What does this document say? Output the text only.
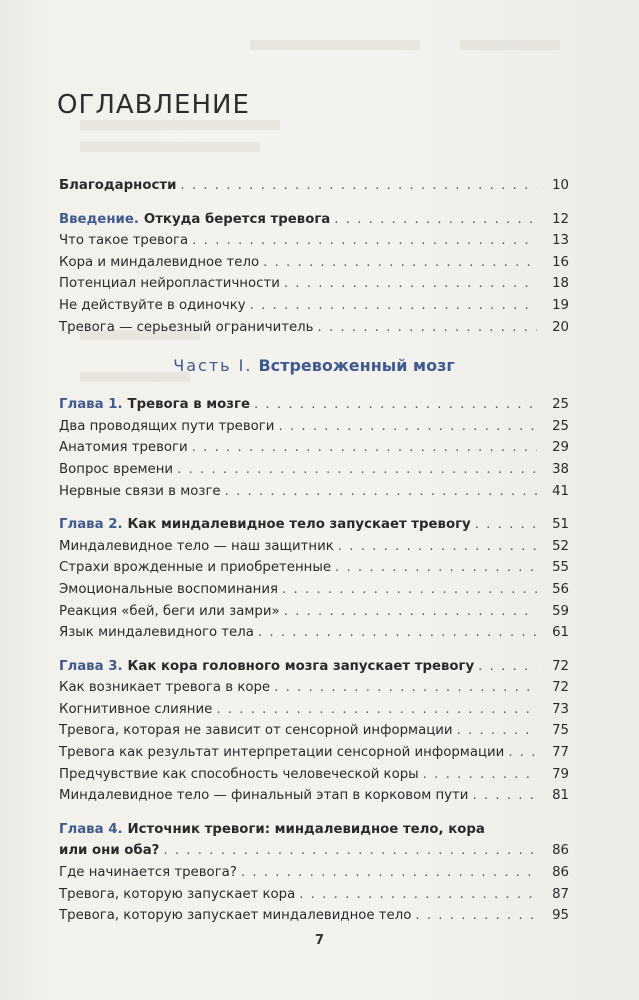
ОГЛАВЛЕНИЕ
Благодарности . . .	10
Введение. Откуда берется тревога . . .	12
Что такое тревога . . .	13
Кора и миндалевидное тело . . .	16
Потенциал нейропластичности . . .	18
Не действуйте в одиночку . . .	19
Тревога — серьезный ограничитель . . .	20
Часть I. Встревоженный мозг
Глава 1. Тревога в мозге . . .	25
Два проводящих пути тревоги . . .	25
Анатомия тревоги . . .	29
Вопрос времени . . .	38
Нервные связи в мозге . . .	41
Глава 2. Как миндалевидное тело запускает тревогу . . .	51
Миндалевидное тело — наш защитник . . .	52
Страхи врожденные и приобретенные . . .	55
Эмоциональные воспоминания . . .	56
Реакция «бей, беги или замри» . . .	59
Язык миндалевидного тела . . .	61
Глава 3. Как кора головного мозга запускает тревогу . . .	72
Как возникает тревога в коре . . .	72
Когнитивное слияние . . .	73
Тревога, которая не зависит от сенсорной информации . . .	75
Тревога как результат интерпретации сенсорной информации . . .	77
Предчувствие как способность человеческой коры . . .	79
Миндалевидное тело — финальный этап в корковом пути . . .	81
Глава 4. Источник тревоги: миндалевидное тело, кора
или они оба? . . .	86
Где начинается тревога? . . .	86
Тревога, которую запускает кора . . .	87
Тревога, которую запускает миндалевидное тело . . .	95
7
